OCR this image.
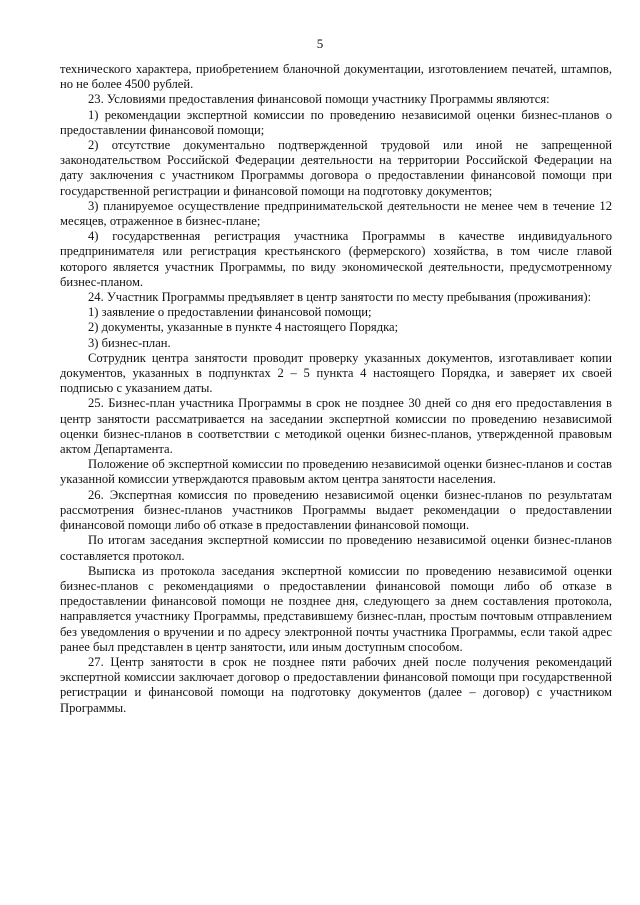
5

технического характера, приобретением бланочной документации, изготовлением печатей, штампов, но не более 4500 рублей.

23. Условиями предоставления финансовой помощи участнику Программы являются:

1) рекомендации экспертной комиссии по проведению независимой оценки бизнес-планов о предоставлении финансовой помощи;

2) отсутствие документально подтвержденной трудовой или иной не запрещенной законодательством Российской Федерации деятельности на территории Российской Федерации на дату заключения с участником Программы договора о предоставлении финансовой помощи при государственной регистрации и финансовой помощи на подготовку документов;

3) планируемое осуществление предпринимательской деятельности не менее чем в течение 12 месяцев, отраженное в бизнес-плане;

4) государственная регистрация участника Программы в качестве индивидуального предпринимателя или регистрация крестьянского (фермерского) хозяйства, в том числе главой которого является участник Программы, по виду экономической деятельности, предусмотренному бизнес-планом.

24. Участник Программы предъявляет в центр занятости по месту пребывания (проживания):

1) заявление о предоставлении финансовой помощи;

2) документы, указанные в пункте 4 настоящего Порядка;

3) бизнес-план.

Сотрудник центра занятости проводит проверку указанных документов, изготавливает копии документов, указанных в подпунктах 2 – 5 пункта 4 настоящего Порядка, и заверяет их своей подписью с указанием даты.

25. Бизнес-план участника Программы в срок не позднее 30 дней со дня его предоставления в центр занятости рассматривается на заседании экспертной комиссии по проведению независимой оценки бизнес-планов в соответствии с методикой оценки бизнес-планов, утвержденной правовым актом Департамента.

Положение об экспертной комиссии по проведению независимой оценки бизнес-планов и состав указанной комиссии утверждаются правовым актом центра занятости населения.

26. Экспертная комиссия по проведению независимой оценки бизнес-планов по результатам рассмотрения бизнес-планов участников Программы выдает рекомендации о предоставлении финансовой помощи либо об отказе в предоставлении финансовой помощи.

По итогам заседания экспертной комиссии по проведению независимой оценки бизнес-планов составляется протокол.

Выписка из протокола заседания экспертной комиссии по проведению независимой оценки бизнес-планов с рекомендациями о предоставлении финансовой помощи либо об отказе в предоставлении финансовой помощи не позднее дня, следующего за днем составления протокола, направляется участнику Программы, представившему бизнес-план, простым почтовым отправлением без уведомления о вручении и по адресу электронной почты участника Программы, если такой адрес ранее был представлен в центр занятости, или иным доступным способом.

27. Центр занятости в срок не позднее пяти рабочих дней после получения рекомендаций экспертной комиссии заключает договор о предоставлении финансовой помощи при государственной регистрации и финансовой помощи на подготовку документов (далее – договор) с участником Программы.
